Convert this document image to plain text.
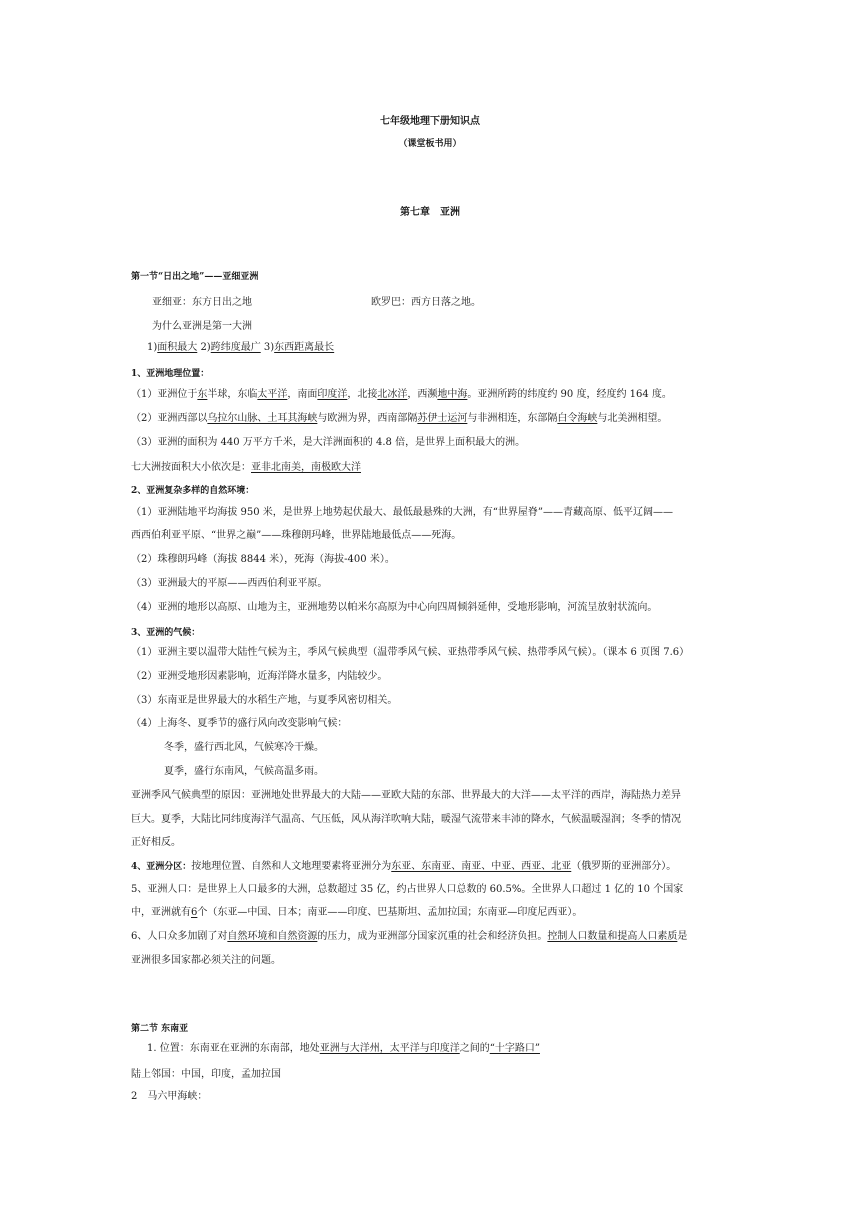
七年级地理下册知识点
（课堂板书用）
第七章　亚洲
第一节“日出之地”——亚细亚洲
亚细亚：东方日出之地	欧罗巴：西方日落之地。
为什么亚洲是第一大洲
1)面积最大 2)跨纬度最广 3)东西距离最长
1、亚洲地理位置：
（1）亚洲位于东半球，东临太平洋，南面印度洋，北接北冰洋，西濒地中海。亚洲所跨的纬度约 90 度，经度约 164 度。
（2）亚洲西部以乌拉尔山脉、土耳其海峡与欧洲为界，西南部隔苏伊士运河与非洲相连，东部隔白令海峡与北美洲相望。
（3）亚洲的面积为 440 万平方千米，是大洋洲面积的 4.8 倍，是世界上面积最大的洲。
七大洲按面积大小依次是：亚非北南美，南极欧大洋
2、亚洲复杂多样的自然环境：
（1）亚洲陆地平均海拔 950 米，是世界上地势起伏最大、最低最悬殊的大洲，有“世界屋脊”——青藏高原、低平辽阔——
西西伯利亚平原、“世界之巅”——珠穆朗玛峰，世界陆地最低点——死海。
（2）珠穆朗玛峰（海拔 8844 米），死海（海拔-400 米）。
（3）亚洲最大的平原——西西伯利亚平原。
（4）亚洲的地形以高原、山地为主，亚洲地势以帕米尔高原为中心向四周倾斜延伸，受地形影响，河流呈放射状流向。
3、亚洲的气候：
（1）亚洲主要以温带大陆性气候为主，季风气候典型（温带季风气候、亚热带季风气候、热带季风气候）。（课本 6 页图 7.6）
（2）亚洲受地形因素影响，近海洋降水量多，内陆较少。
（3）东南亚是世界最大的水稻生产地，与夏季风密切相关。
（4）上海冬、夏季节的盛行风向改变影响气候：
冬季，盛行西北风，气候寒冷干燥。
夏季，盛行东南风，气候高温多雨。
亚洲季风气候典型的原因：亚洲地处世界最大的大陆——亚欧大陆的东部、世界最大的大洋——太平洋的西岸，海陆热力差异
巨大。夏季，大陆比同纬度海洋气温高、气压低，风从海洋吹响大陆，暖湿气流带来丰沛的降水，气候温暖湿润；冬季的情况
正好相反。
4、亚洲分区：按地理位置、自然和人文地理要素将亚洲分为东亚、东南亚、南亚、中亚、西亚、北亚（俄罗斯的亚洲部分）。
5、亚洲人口：是世界上人口最多的大洲，总数超过 35 亿，约占世界人口总数的 60.5%。全世界人口超过 1 亿的 10 个国家
中，亚洲就有6个（东亚—中国、日本；南亚——印度、巴基斯坦、孟加拉国；东南亚—印度尼西亚）。
6、人口众多加剧了对自然环境和自然资源的压力，成为亚洲部分国家沉重的社会和经济负担。控制人口数量和提高人口素质是
亚洲很多国家都必须关注的问题。
第二节 东南亚
1. 位置：东南亚在亚洲的东南部，地处亚洲与大洋州，太平洋与印度洋之间的“十字路口”
陆上邻国：中国，印度，孟加拉国
2　马六甲海峡：
